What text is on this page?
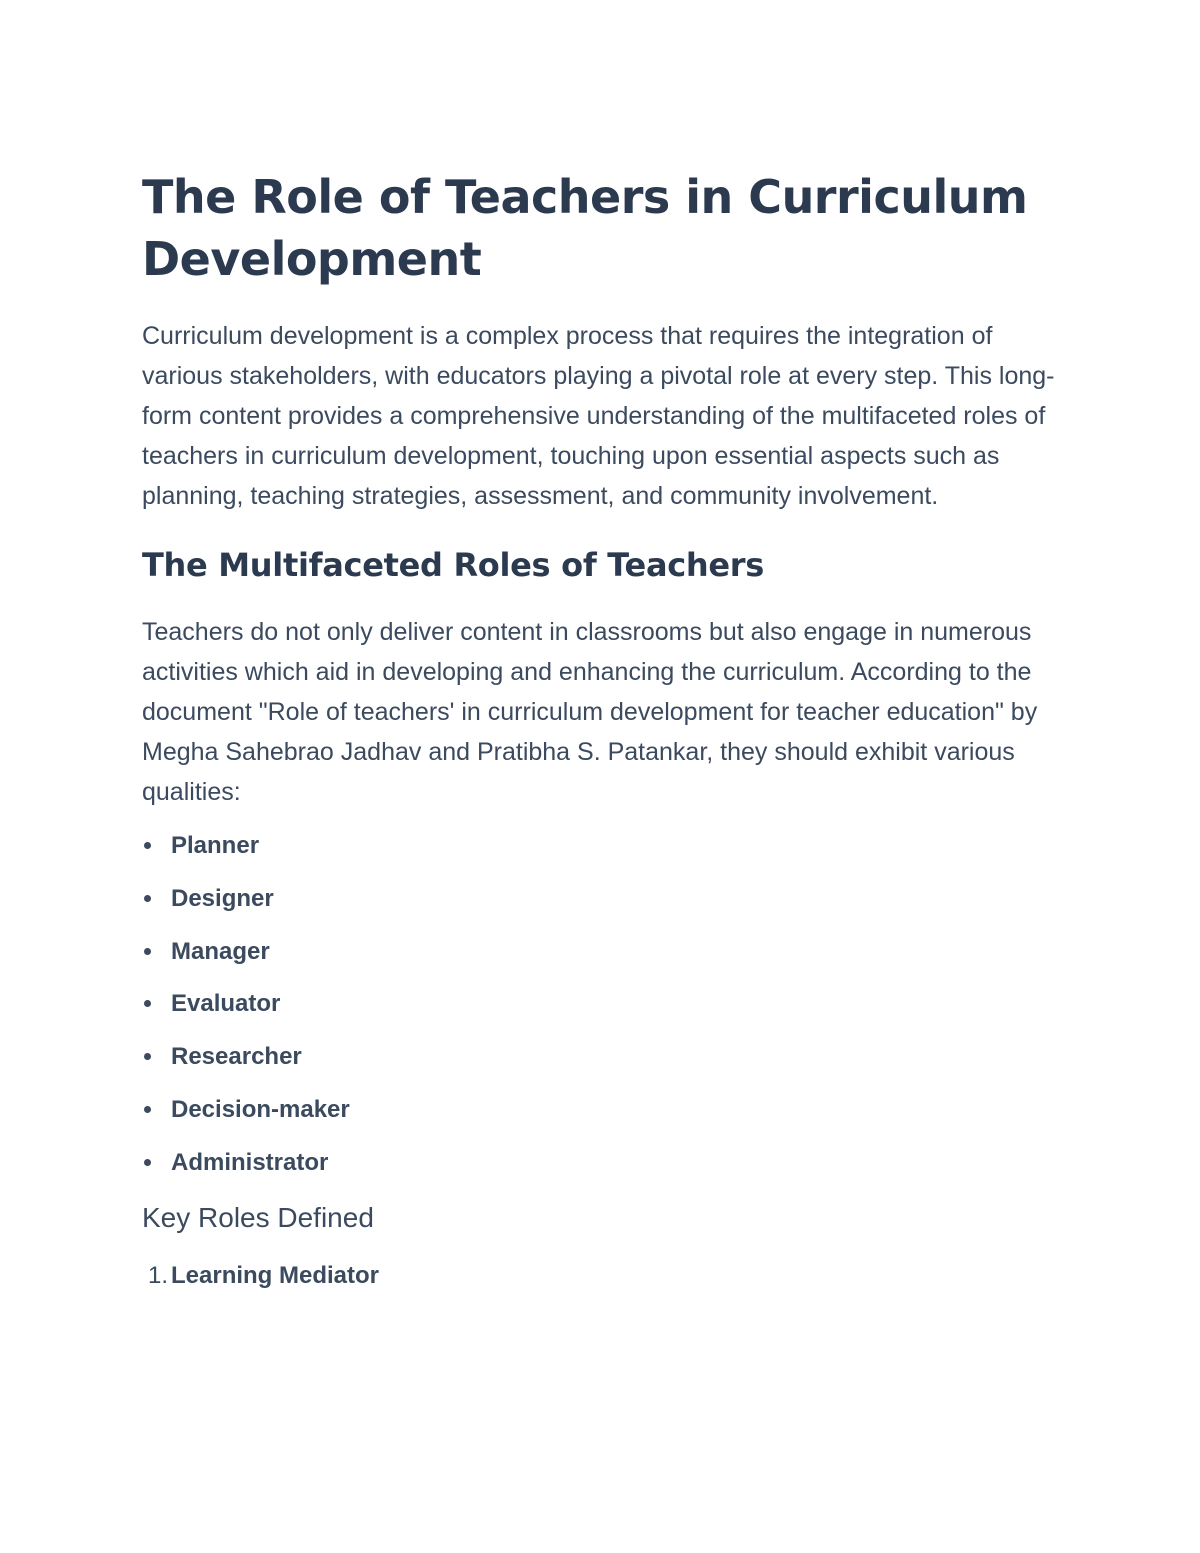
The Role of Teachers in Curriculum Development

Curriculum development is a complex process that requires the integration of various stakeholders, with educators playing a pivotal role at every step. This long-form content provides a comprehensive understanding of the multifaceted roles of teachers in curriculum development, touching upon essential aspects such as planning, teaching strategies, assessment, and community involvement.

The Multifaceted Roles of Teachers

Teachers do not only deliver content in classrooms but also engage in numerous activities which aid in developing and enhancing the curriculum. According to the document "Role of teachers' in curriculum development for teacher education" by Megha Sahebrao Jadhav and Pratibha S. Patankar, they should exhibit various qualities:

Planner
Designer
Manager
Evaluator
Researcher
Decision-maker
Administrator
Key Roles Defined
1. Learning Mediator
